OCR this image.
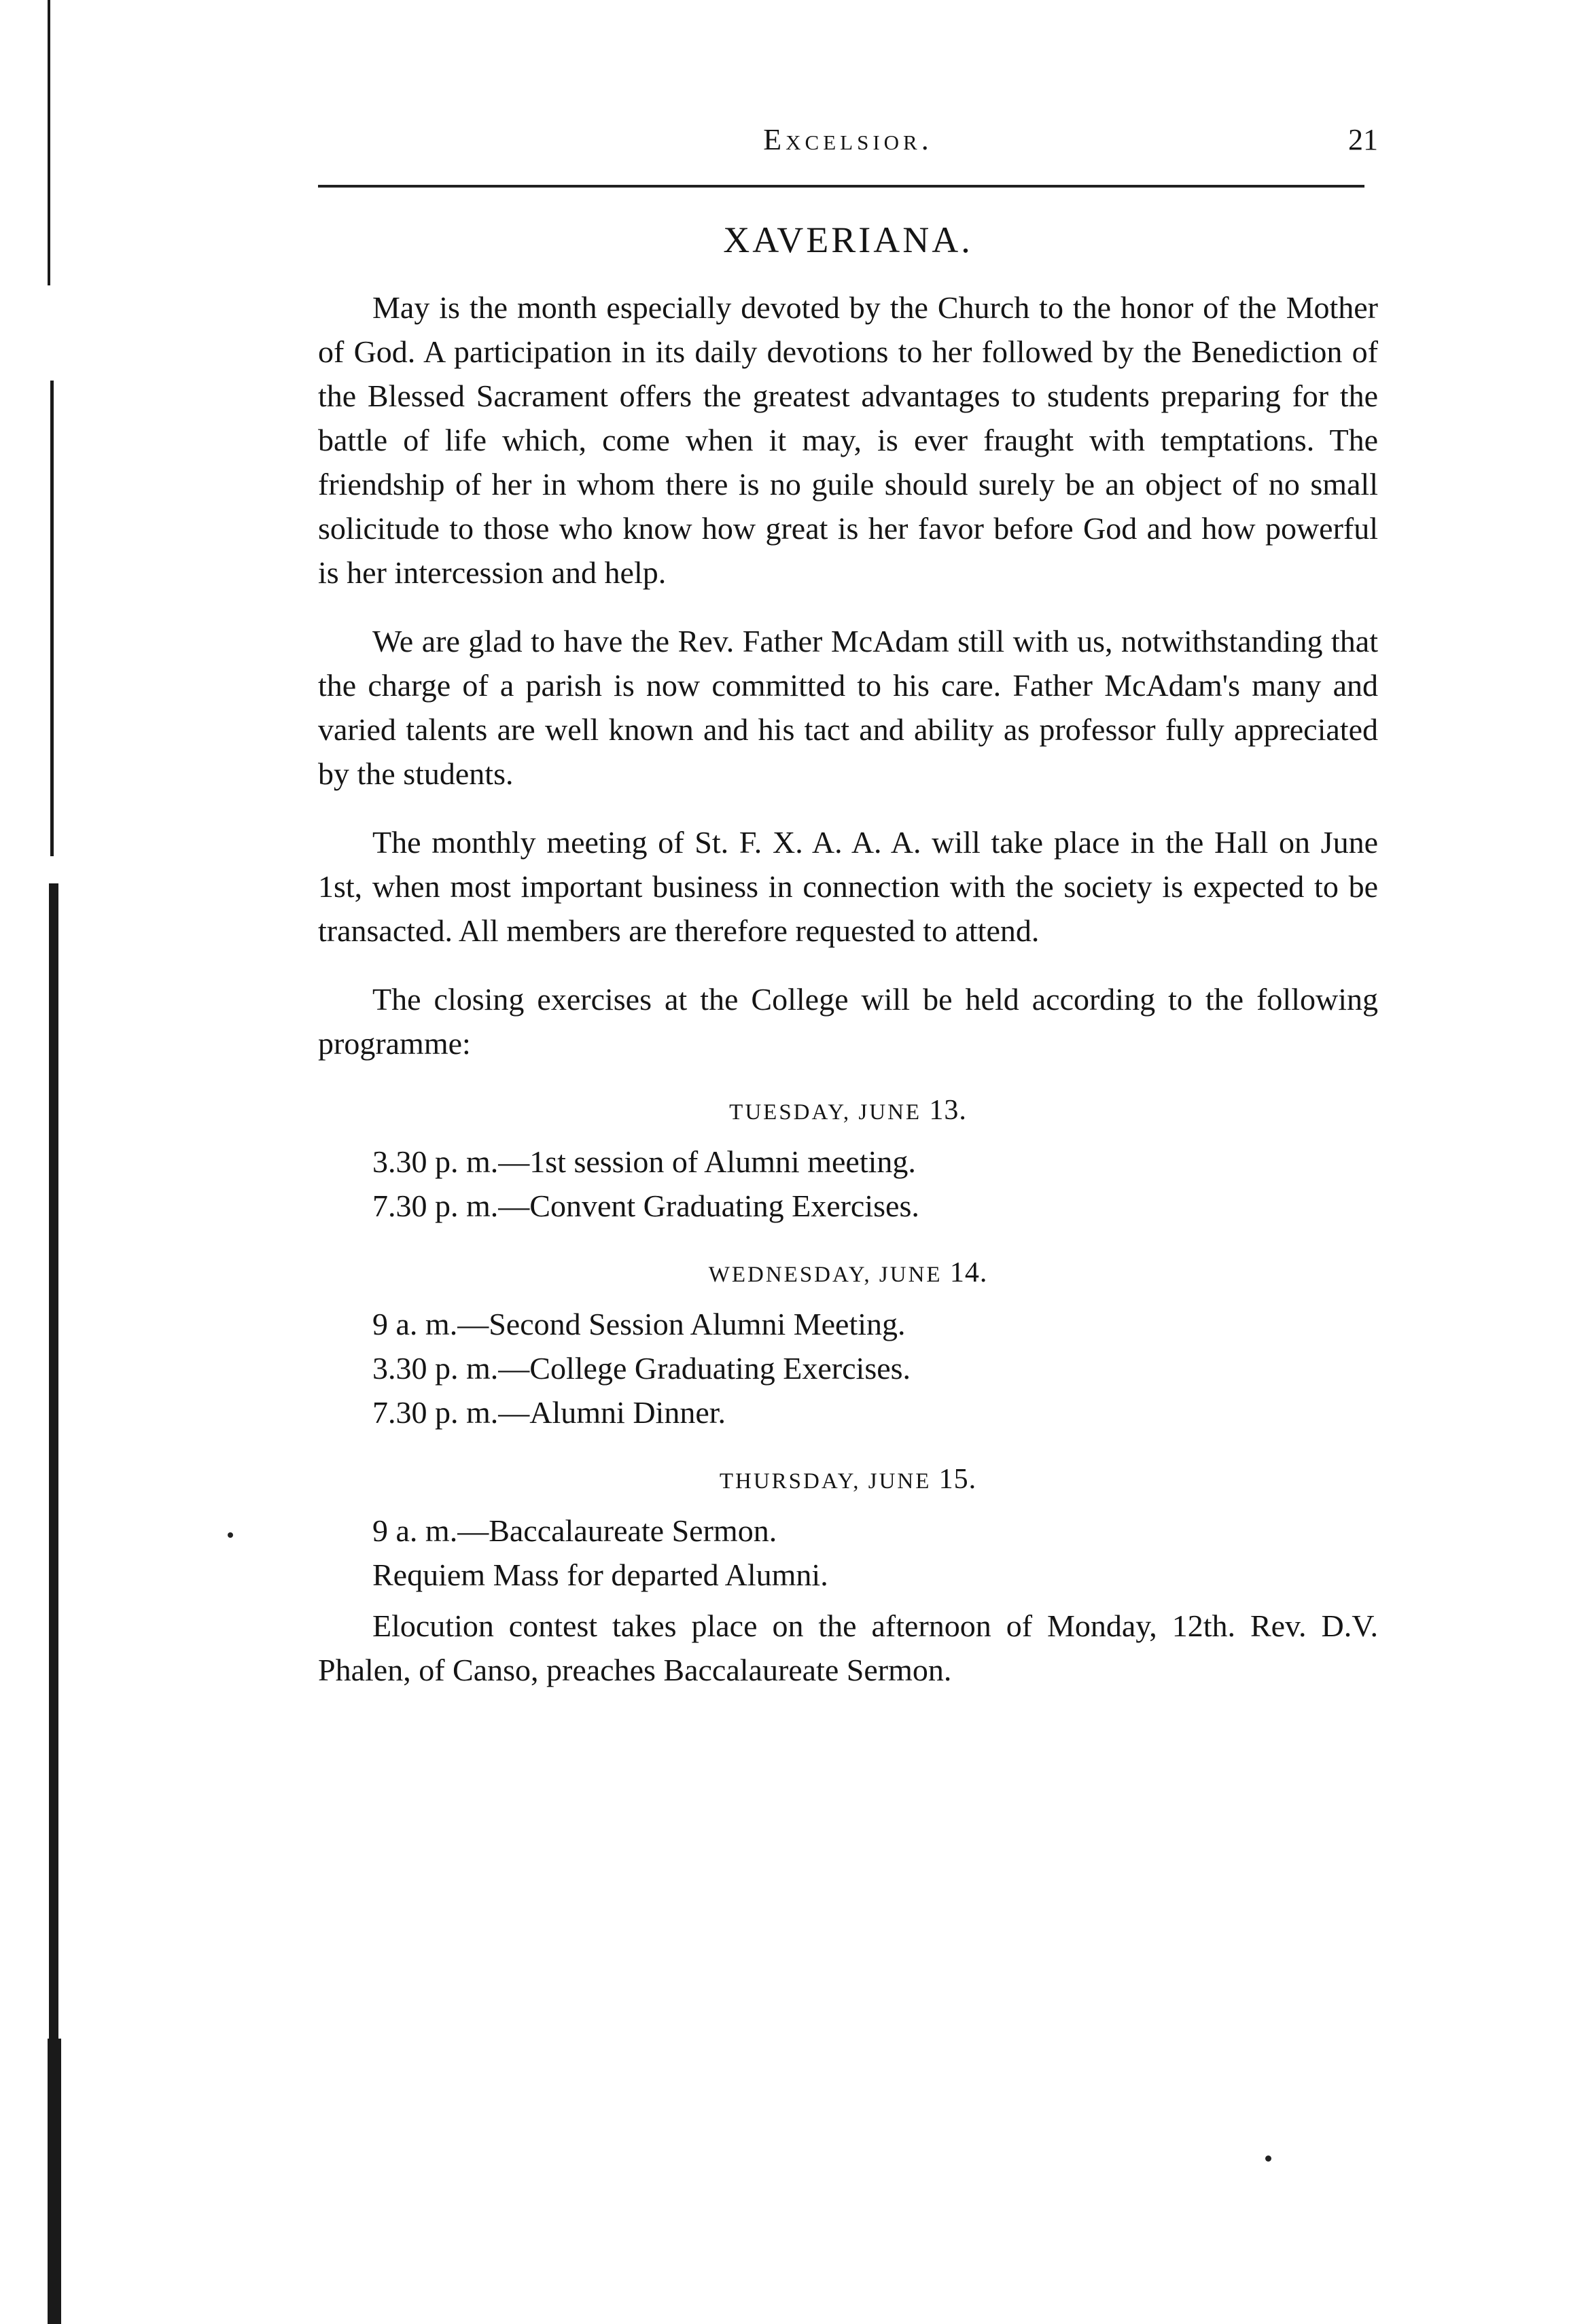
Excelsior.	21
XAVERIANA.

May is the month especially devoted by the Church to the honor of the Mother of God. A participation in its daily devotions to her followed by the Benediction of the Blessed Sacrament offers the greatest advantages to students preparing for the battle of life which, come when it may, is ever fraught with temptations. The friendship of her in whom there is no guile should surely be an object of no small solicitude to those who know how great is her favor before God and how powerful is her intercession and help.

We are glad to have the Rev. Father McAdam still with us, notwithstanding that the charge of a parish is now committed to his care. Father McAdam's many and varied talents are well known and his tact and ability as professor fully appreciated by the students.

The monthly meeting of St. F. X. A. A. A. will take place in the Hall on June 1st, when most important business in connection with the society is expected to be transacted. All members are therefore requested to attend.

The closing exercises at the College will be held according to the following programme:

TUESDAY, JUNE 13.
3.30 p. m.—1st session of Alumni meeting.
7.30 p. m.—Convent Graduating Exercises.
WEDNESDAY, JUNE 14.
9 a. m.—Second Session Alumni Meeting.
3.30 p. m.—College Graduating Exercises.
7.30 p. m.—Alumni Dinner.
THURSDAY, JUNE 15.
9 a. m.—Baccalaureate Sermon.
Requiem Mass for departed Alumni.

Elocution contest takes place on the afternoon of Monday, 12th. Rev. D.V. Phalen, of Canso, preaches Baccalaureate Sermon.
